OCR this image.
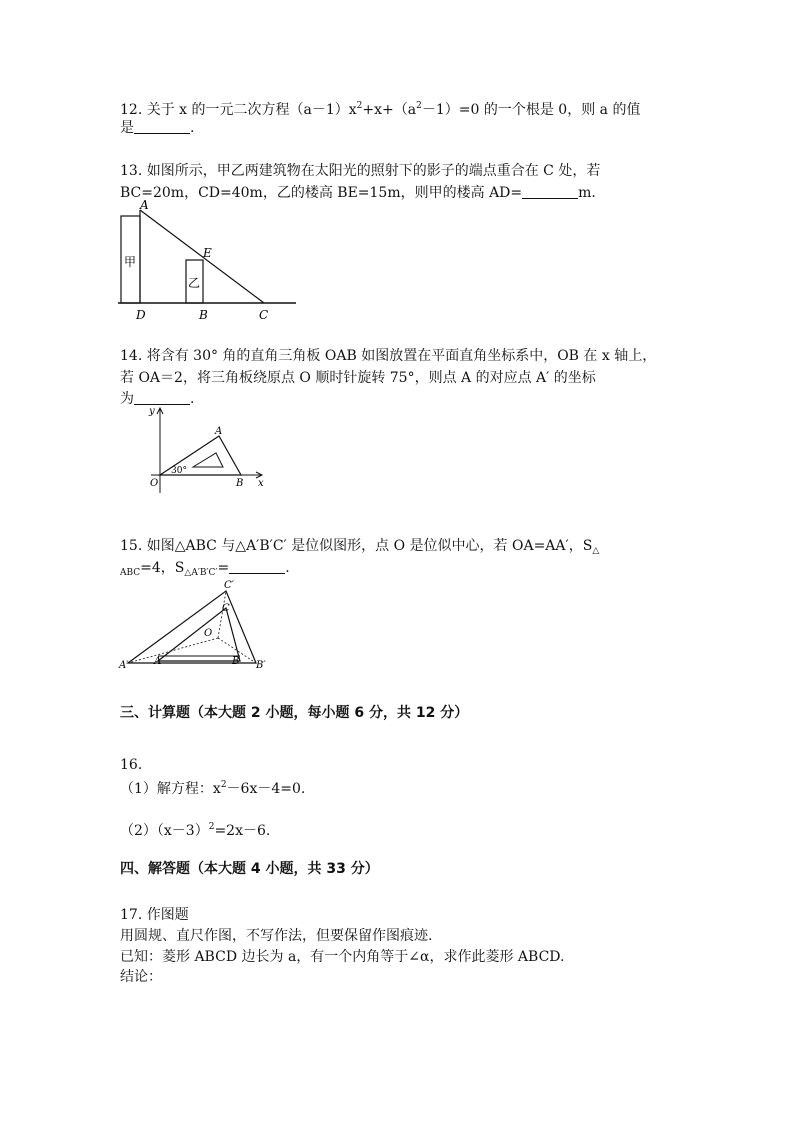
12. 关于 x 的一元二次方程$(a-1)x^2+x+(a^2-1)=0$ 的一个根是 0，则 a 的值
是	.
13. 如图所示，甲乙两建筑物在太阳光的照射下的影子的端点重合在 C 处，若
BC=20m，CD=40m，乙的楼高 BE=15m，则甲的楼高 AD=	m.
A
E
甲
乙
D	B	C
14. 将含有 30° 角的直角三角板 OAB 如图放置在平面直角坐标系中，OB 在 x 轴上，
若 OA＝2，将三角板绕原点 O 顺时针旋转 75°，则点 A 的对应点 A′ 的坐标
为	.
y
A
30°
O	B x
15. 如图△ABC 与△A′B′C′ 是位似图形，点 O 是位似中心，若 OA=AA′，$S_\triangle$
$_{ABC}$=4，$S_{\triangle A'B'C'}=$	.
C′
C
O
A′	A	B B′
三、计算题（本大题 2 小题，每小题 6 分，共 12 分）
16.
（1）解方程：$x^2-6x-4=0$.
$(2)(x-3)^2=2x-6$.
四、解答题（本大题 4 小题，共 33 分）
17. 作图题
用圆规、直尺作图，不写作法，但要保留作图痕迹.
已知：菱形 ABCD 边长为 a，有一个内角等于∠α，求作此菱形 ABCD.
结论：
